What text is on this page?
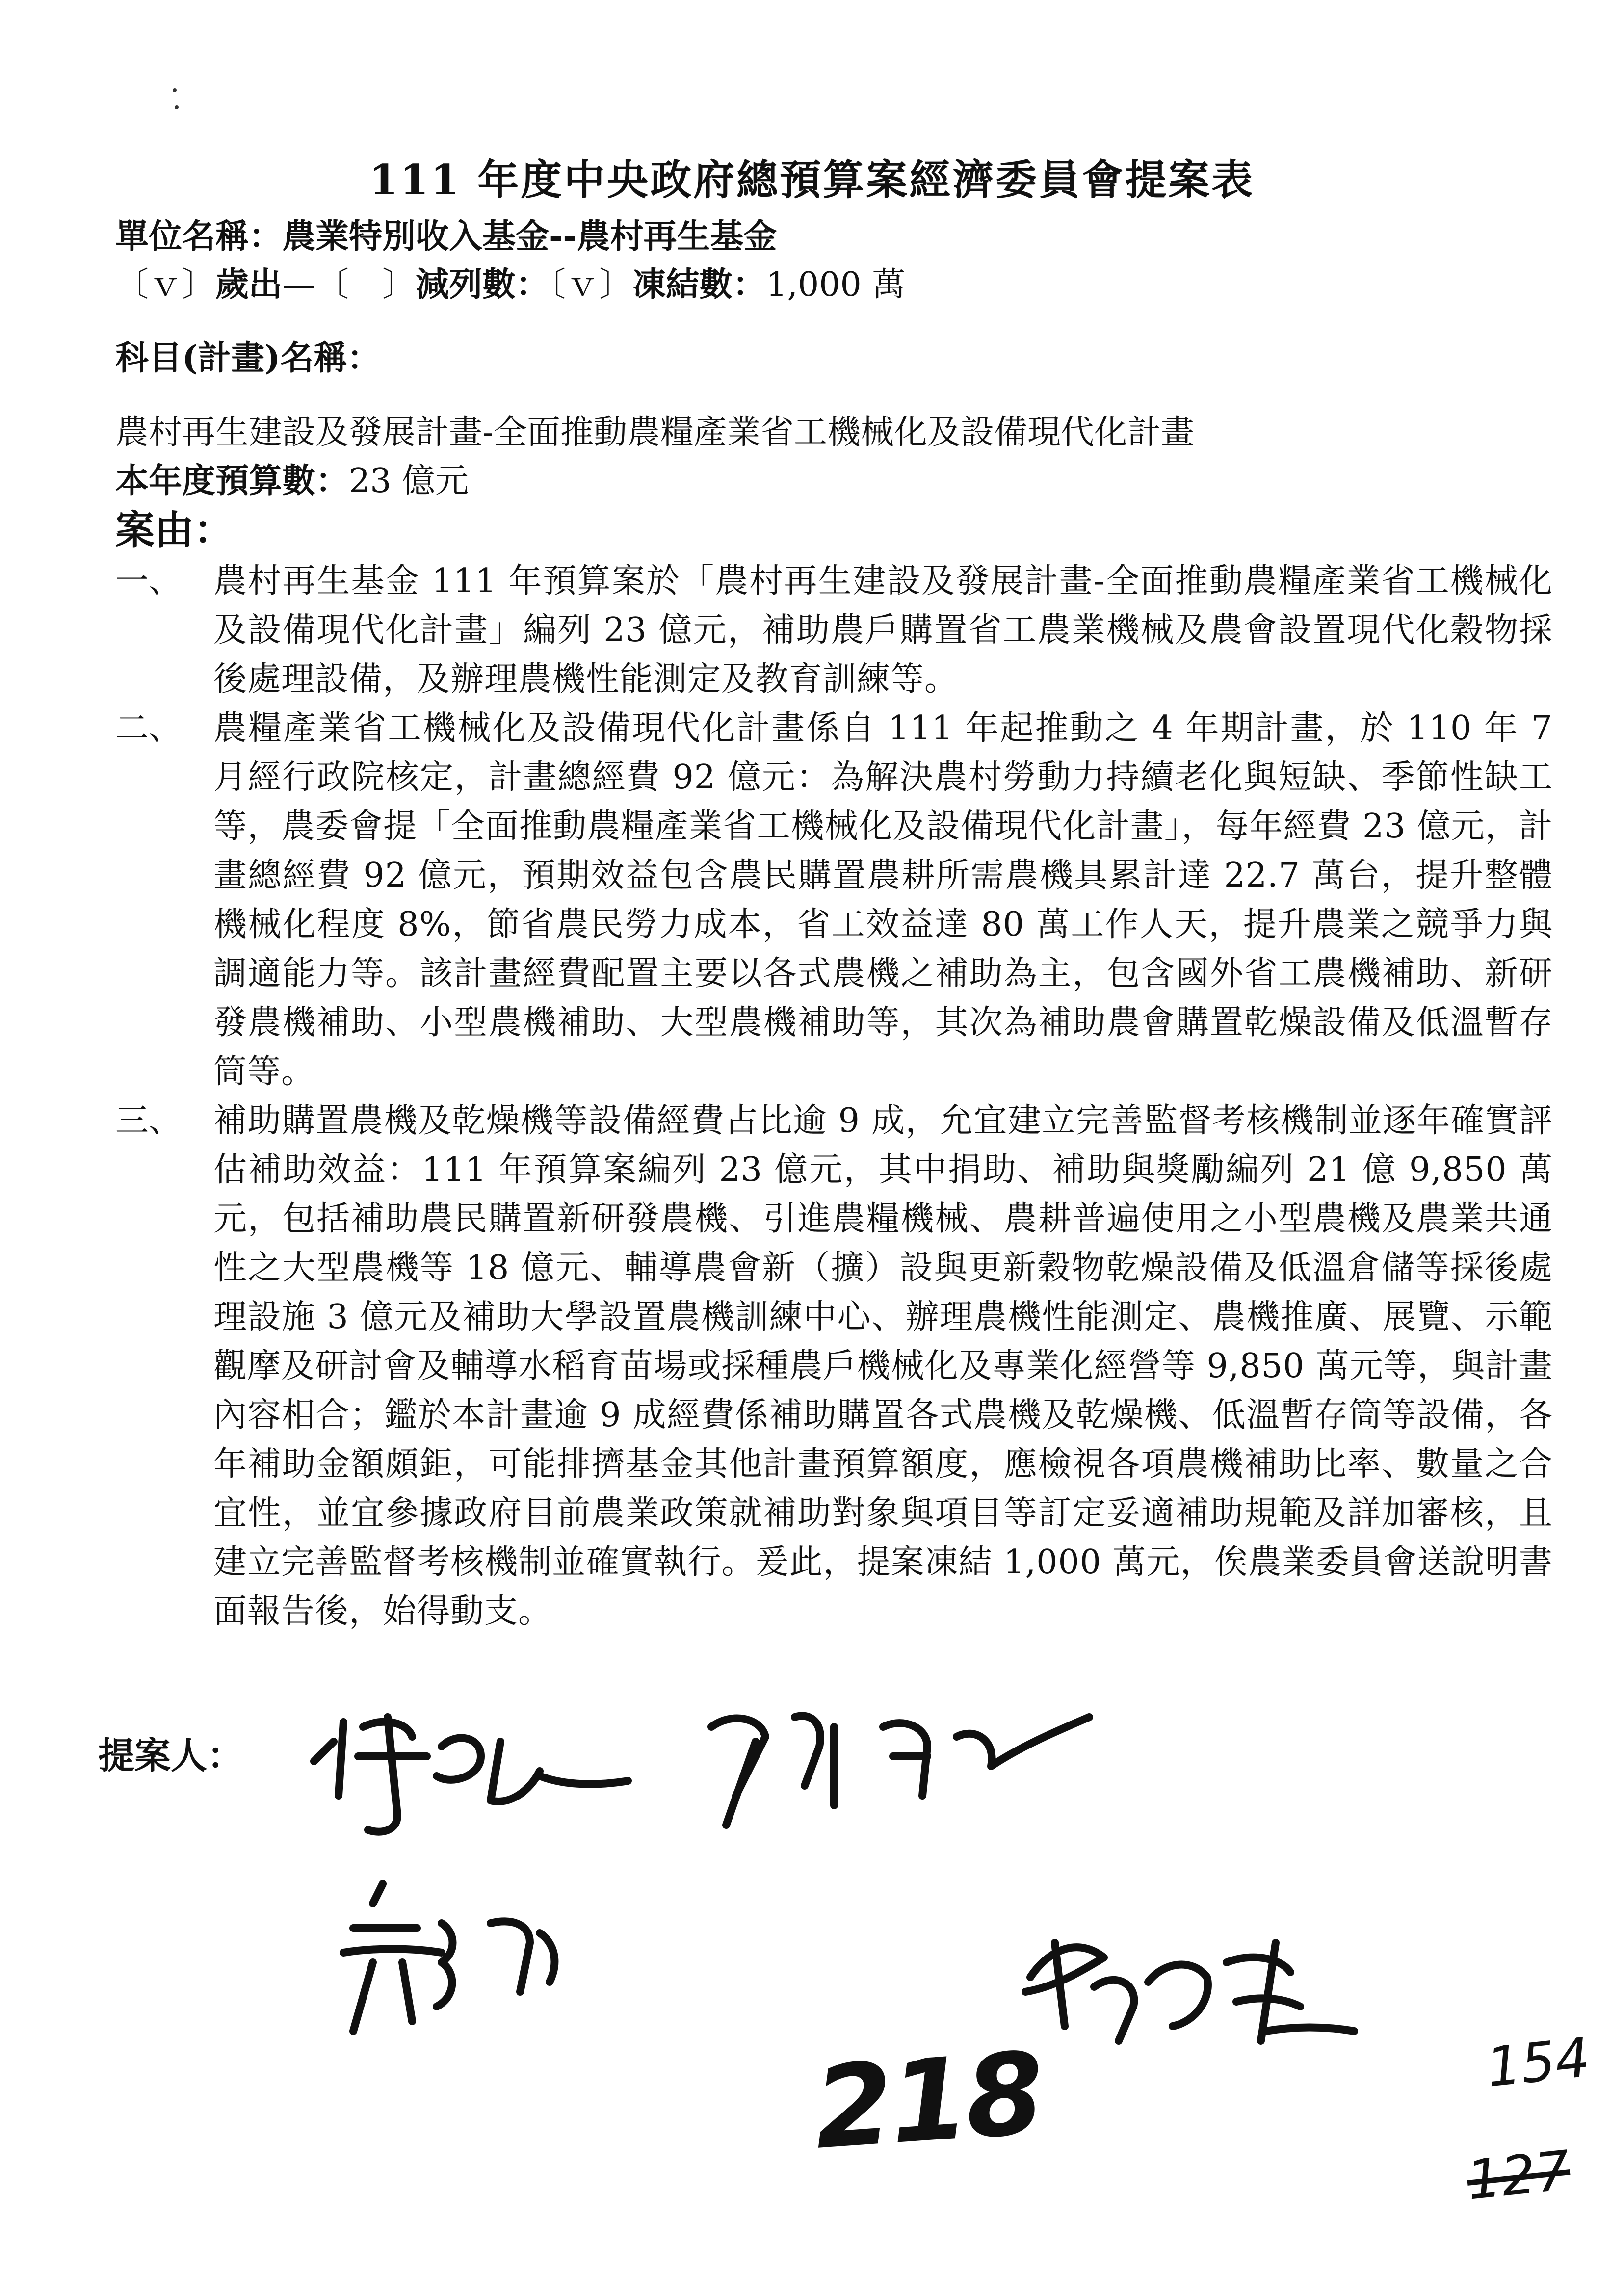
111 年度中央政府總預算案經濟委員會提案表
單位名稱：農業特別收入基金--農村再生基金
〔ｖ〕歲出—〔　〕減列數：〔ｖ〕凍結數：1,000 萬
科目(計畫)名稱：
農村再生建設及發展計畫-全面推動農糧產業省工機械化及設備現代化計畫
本年度預算數：23 億元
案由：
一、 農村再生基金 111 年預算案於「農村再生建設及發展計畫-全面推動農糧產業省工機械化及設備現代化計畫」編列 23 億元，補助農戶購置省工農業機械及農會設置現代化穀物採後處理設備，及辦理農機性能測定及教育訓練等。
二、 農糧產業省工機械化及設備現代化計畫係自 111 年起推動之 4 年期計畫，於 110 年 7 月經行政院核定，計畫總經費 92 億元：為解決農村勞動力持續老化與短缺、季節性缺工等，農委會提「全面推動農糧產業省工機械化及設備現代化計畫」，每年經費 23 億元，計畫總經費 92 億元，預期效益包含農民購置農耕所需農機具累計達 22.7 萬台，提升整體機械化程度 8%，節省農民勞力成本，省工效益達 80 萬工作人天，提升農業之競爭力與調適能力等。該計畫經費配置主要以各式農機之補助為主，包含國外省工農機補助、新研發農機補助、小型農機補助、大型農機補助等，其次為補助農會購置乾燥設備及低溫暫存筒等。
三、 補助購置農機及乾燥機等設備經費占比逾 9 成，允宜建立完善監督考核機制並逐年確實評估補助效益：111 年預算案編列 23 億元，其中捐助、補助與獎勵編列 21 億 9,850 萬元，包括補助農民購置新研發農機、引進農糧機械、農耕普遍使用之小型農機及農業共通性之大型農機等 18 億元、輔導農會新（擴）設與更新穀物乾燥設備及低溫倉儲等採後處理設施 3 億元及補助大學設置農機訓練中心、辦理農機性能測定、農機推廣、展覽、示範觀摩及研討會及輔導水稻育苗場或採種農戶機械化及專業化經營等 9,850 萬元等，與計畫內容相合；鑑於本計畫逾 9 成經費係補助購置各式農機及乾燥機、低溫暫存筒等設備，各年補助金額頗鉅，可能排擠基金其他計畫預算額度，應檢視各項農機補助比率、數量之合宜性，並宜參據政府目前農業政策就補助對象與項目等訂定妥適補助規範及詳加審核，且建立完善監督考核機制並確實執行。爰此，提案凍結 1,000 萬元，俟農業委員會送說明書面報告後，始得動支。
提案人：
218	154
127
